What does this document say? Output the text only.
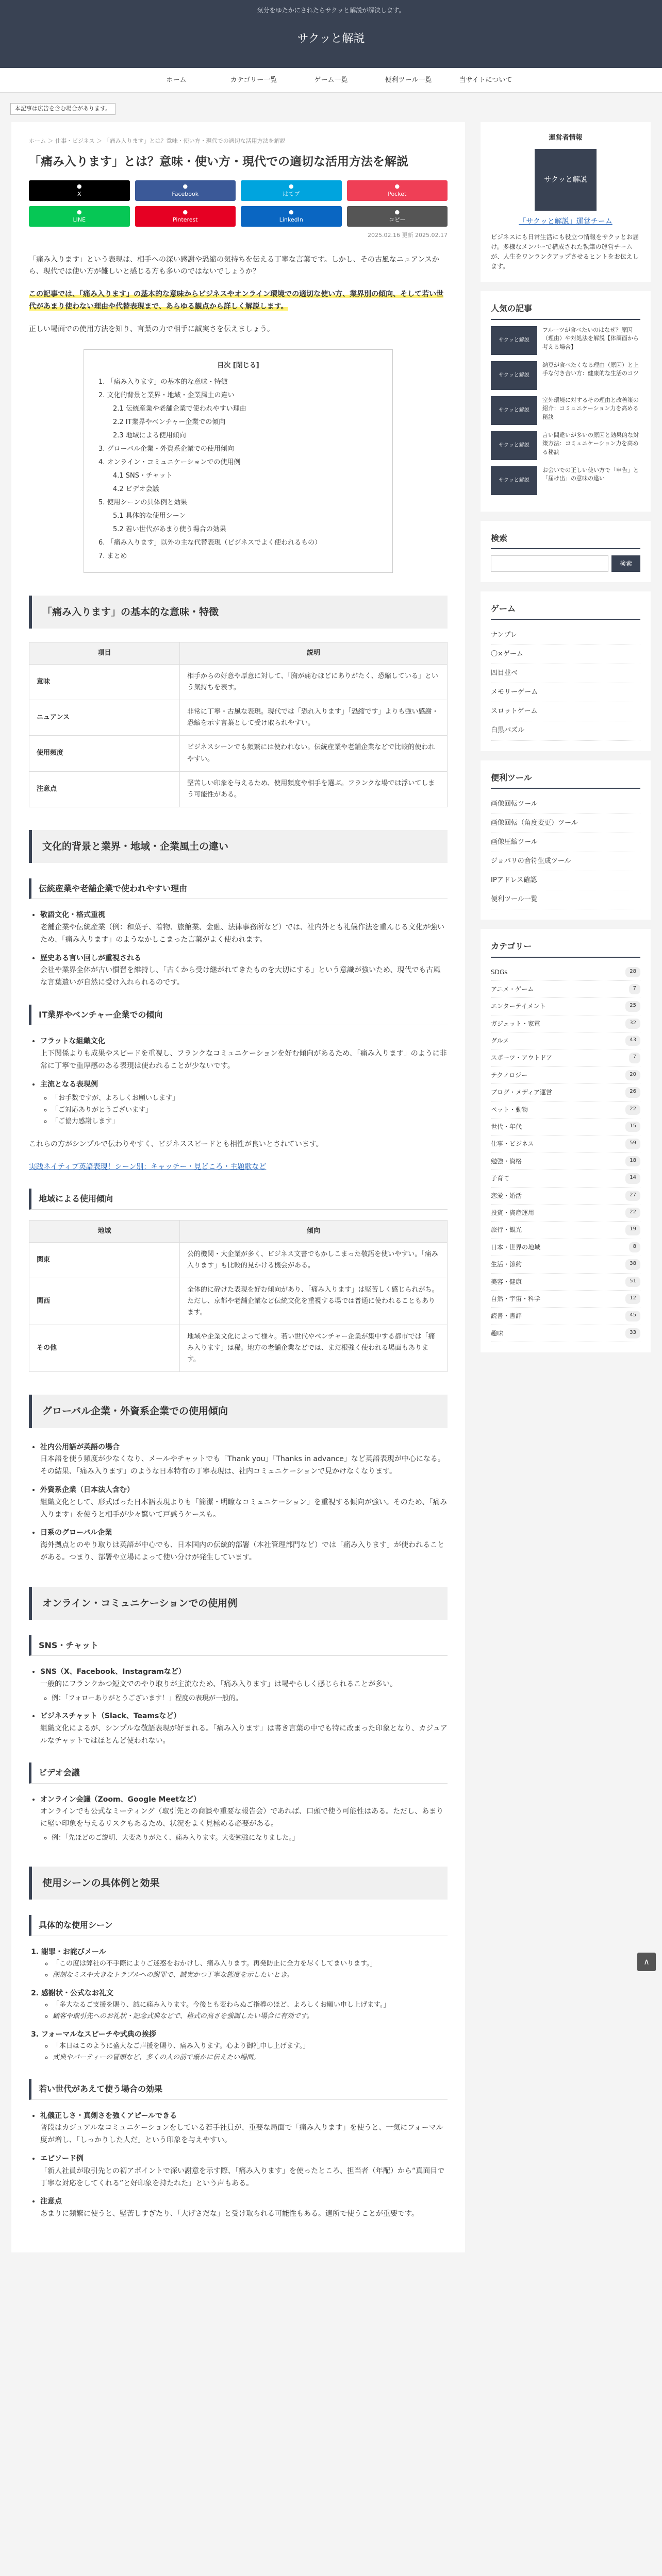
気分をゆたかにされたらサクッと解説が解決します。
サクッと解説
ホーム	カテゴリー一覧	ゲーム一覧	便利ツール一覧	当サイトについて
本記事は広告を含む場合があります。
ホーム ＞ 仕事・ビジネス ＞ 「痛み入ります」とは？意味・使い方・現代での適切な活用方法を解説
「痛み入ります」とは？意味・使い方・現代での適切な活用方法を解説
●
X
●
Facebook
●
はてブ
●
Pocket
●
LINE
●
Pinterest
●
LinkedIn
●
コピー
2025.02.16 更新 2025.02.17

「痛み入ります」という表現は、相手への深い感謝や恐縮の気持ちを伝える丁寧な言葉です。しかし、その古風なニュアンスから、現代では使い方が難しいと感じる方も多いのではないでしょうか？

この記事では、「痛み入ります」の基本的な意味からビジネスやオンライン環境での適切な使い方、業界別の傾向、そして若い世代があまり使わない理由や代替表現まで、あらゆる観点から詳しく解説します。

正しい場面での使用方法を知り、言葉の力で相手に誠実さを伝えましょう。

目次 [閉じる]
1. 「痛み入ります」の基本的な意味・特徴
2. 文化的背景と業界・地域・企業風土の違い
2.1 伝統産業や老舗企業で使われやすい理由
2.2 IT業界やベンチャー企業での傾向
2.3 地域による使用傾向
3. グローバル企業・外資系企業での使用傾向
4. オンライン・コミュニケーションでの使用例
4.1 SNS・チャット
4.2 ビデオ会議
5. 使用シーンの具体例と効果
5.1 具体的な使用シーン
5.2 若い世代があまり使う場合の効果
6. 「痛み入ります」以外の主な代替表現（ビジネスでよく使われるもの）
7. まとめ
「痛み入ります」の基本的な意味・特徴
項目	説明
意味	相手からの好意や厚意に対して、「胸が痛むほどにありがたく、恐縮している」という気持ちを表す。
ニュアンス	非常に丁寧・古風な表現。現代では「恐れ入ります」「恐縮です」よりも強い感謝・恐縮を示す言葉として受け取られやすい。
使用頻度	ビジネスシーンでも頻繁には使われない。伝統産業や老舗企業などで比較的使われやすい。
注意点	堅苦しい印象を与えるため、使用頻度や相手を選ぶ。フランクな場では浮いてしまう可能性がある。
文化的背景と業界・地域・企業風土の違い
伝統産業や老舗企業で使われやすい理由
• 敬語文化・格式重視
老舗企業や伝統産業（例：和菓子、着物、旅館業、金融、法律事務所など）では、社内外とも礼儀作法を重んじる文化が強いため、「痛み入ります」のようなかしこまった言葉がよく使われます。
• 歴史ある言い回しが重視される
会社や業界全体が古い慣習を維持し、「古くから受け継がれてきたものを大切にする」という意識が強いため、現代でも古風な言葉遣いが自然に受け入れられるのです。
IT業界やベンチャー企業での傾向
• フラットな組織文化
上下関係よりも成果やスピードを重視し、フランクなコミュニケーションを好む傾向があるため、「痛み入ります」のように非常に丁寧で重厚感のある表現は使われることが少ないです。
• 主流となる表現例
◦ 「お手数ですが、よろしくお願いします」
◦ 「ご対応ありがとうございます」
◦ 「ご協力感謝します」

これらの方がシンプルで伝わりやすく、ビジネススピードとも相性が良いとされています。

実践ネイティブ英語表現！シーン別：キャッチー・見どころ・主題歌など
地域による使用傾向
地域	傾向
関東	公的機関・大企業が多く、ビジネス文書でもかしこまった敬語を使いやすい。「痛み入ります」も比較的見かける機会がある。
関西	全体的に砕けた表現を好む傾向があり、「痛み入ります」は堅苦しく感じられがち。ただし、京都や老舗企業など伝統文化を重視する場では普通に使われることもあります。
その他	地域や企業文化によって様々。若い世代やベンチャー企業が集中する都市では「痛み入ります」は稀。地方の老舗企業などでは、まだ根強く使われる場面もあります。
グローバル企業・外資系企業での使用傾向
• 社内公用語が英語の場合
日本語を使う頻度が少なくなり、メールやチャットでも「Thank you」「Thanks in advance」など英語表現が中心になる。その結果、「痛み入ります」のような日本特有の丁寧表現は、社内コミュニケーションで見かけなくなります。
• 外資系企業（日本法人含む）
組織文化として、形式ばった日本語表現よりも「簡潔・明瞭なコミュニケーション」を重視する傾向が強い。そのため、「痛み入ります」を使うと相手が少々驚いて戸惑うケースも。
• 日系のグローバル企業
海外拠点とのやり取りは英語が中心でも、日本国内の伝統的部署（本社管理部門など）では「痛み入ります」が使われることがある。つまり、部署や立場によって使い分けが発生しています。
オンライン・コミュニケーションでの使用例
SNS・チャット
• SNS（X、Facebook、Instagramなど）
一般的にフランクかつ短文でのやり取りが主流なため、「痛み入ります」は場やらしく感じられることが多い。
◦ 例：「フォローありがとうございます！」程度の表現が一般的。
• ビジネスチャット（Slack、Teamsなど）
組織文化によるが、シンプルな敬語表現が好まれる。「痛み入ります」は書き言葉の中でも特に改まった印象となり、カジュアルなチャットではほとんど使われない。
ビデオ会議
• オンライン会議（Zoom、Google Meetなど）
オンラインでも公式なミーティング（取引先との商談や重要な報告会）であれば、口頭で使う可能性はある。ただし、あまりに堅い印象を与えるリスクもあるため、状況をよく見極める必要がある。
◦ 例：「先ほどのご説明、大変ありがたく、痛み入ります。大変勉強になりました。」
使用シーンの具体例と効果
具体的な使用シーン
1. 謝罪・お詫びメール
◦ 「この度は弊社の不手際によりご迷惑をおかけし、痛み入ります。再発防止に全力を尽くしてまいります。」
◦ 深刻なミスや大きなトラブルへの謝罪で、誠実かつ丁寧な態度を示したいとき。
2. 感謝状・公式なお礼文
◦ 「多大なるご支援を賜り、誠に痛み入ります。今後とも変わらぬご指導のほど、よろしくお願い申し上げます。」
◦ 顧客や取引先へのお礼状・記念式典などで、格式の高さを強調したい場合に有効です。
3. フォーマルなスピーチや式典の挨拶
◦ 「本日はこのように盛大なご声援を賜り、痛み入ります。心より御礼申し上げます。」
◦ 式典やパーティーの冒頭など、多くの人の前で厳かに伝えたい場面。
若い世代があえて使う場合の効果
• 礼儀正しさ・真剣さを強くアピールできる
普段はカジュアルなコミュニケーションをしている若手社員が、重要な局面で「痛み入ります」を使うと、一気にフォーマル度が増し、「しっかりした人だ」という印象を与えやすい。
• エピソード例
「新人社員が取引先との初アポイントで深い謝意を示す際、「痛み入ります」を使ったところ、担当者（年配）から“真面目で丁寧な対応をしてくれる”と好印象を持たれた」という声もある。
• 注意点
あまりに頻繁に使うと、堅苦しすぎたり、「大げさだな」と受け取られる可能性もある。適所で使うことが重要です。
運営者情報
サクッと解説
「サクッと解説」運営チーム
ビジネスにも日常生活にも役立つ情報をサクッとお届け。多様なメンバーで構成された執筆の運営チームが、人生をワンランクアップさせるヒントをお伝えします。
人気の記事
サクッと解説
フルーツが食べたいのはなぜ？原因（理由）や対処法を解説【体調面から考える場合】
サクッと解説
納豆が食べたくなる理由（原因）と上手な付き合い方：健康的な生活のコツ
サクッと解説
室外環境に対するその理由と改善策の紹介：コミュニケーション力を高める秘訣
サクッと解説
言い間違いが多いの原因と効果的な対策方法：コミュニケーション力を高める秘訣
サクッと解説
お会いでの正しい使い方で「申告」と「届け出」の意味の違い
検索
検索
ゲーム
ナンプレ
〇×ゲーム
四目並べ
メモリーゲーム
スロットゲーム
白黒パズル
便利ツール
画像回転ツール
画像回転（角度変更）ツール
画像圧縮ツール
ジョバリの音符生成ツール
IPアドレス確認
便利ツール一覧
カテゴリー
SDGs	28
アニメ・ゲーム	7
エンターテイメント	25
ガジェット・家電	32
グルメ	43
スポーツ・アウトドア	7
テクノロジー	20
ブログ・メディア運営	26
ペット・動物	22
世代・年代	15
仕事・ビジネス	59
勉強・資格	18
子育て	14
恋愛・婚活	27
投資・資産運用	22
旅行・観光	19
日本・世界の地域	8
生活・節約	38
美容・健康	51
自然・宇宙・科学	12
読書・書評	45
趣味	33
∧
